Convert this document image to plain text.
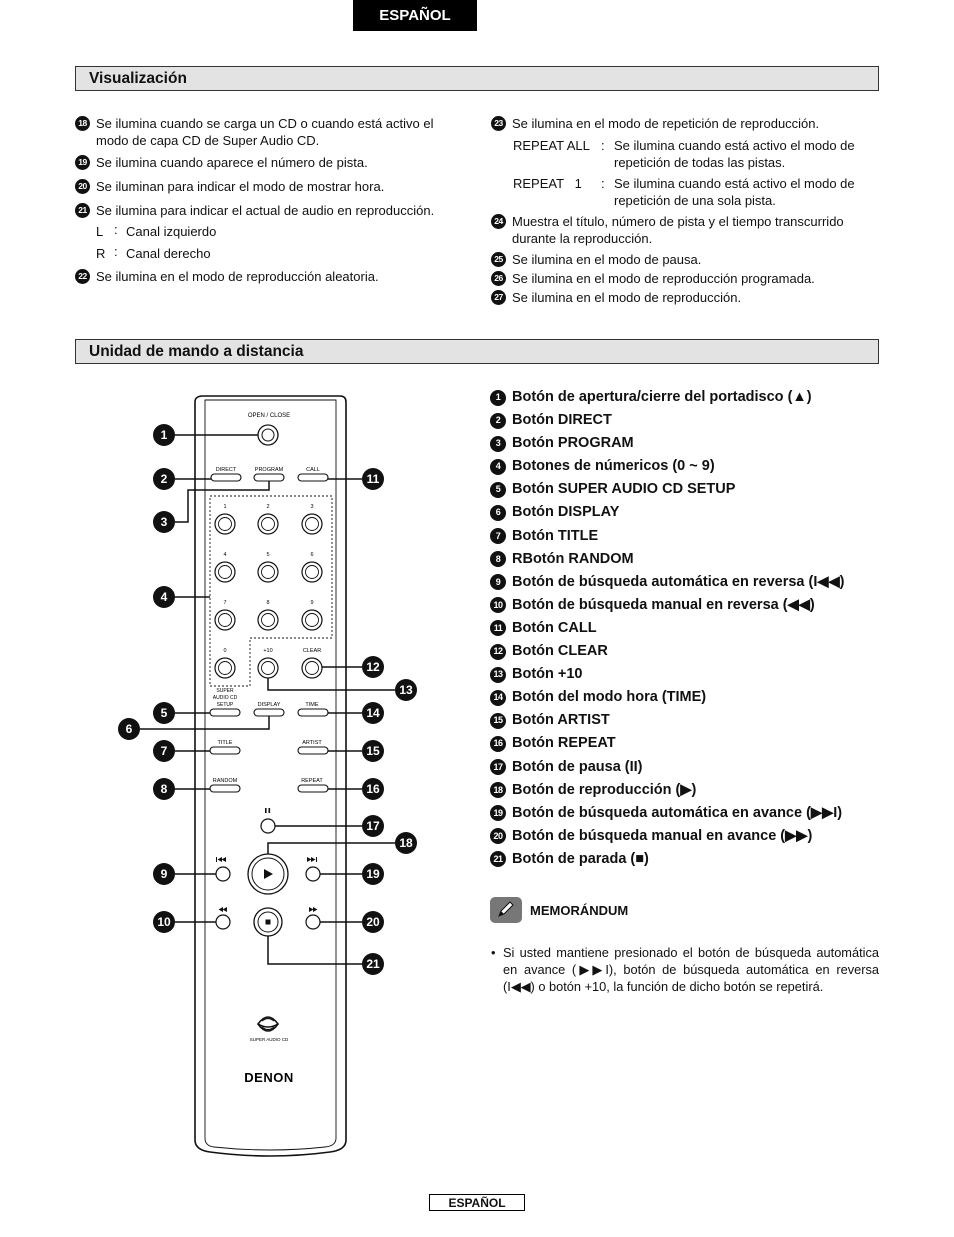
ESPAÑOL
Visualización
18 Se ilumina cuando se carga un CD o cuando está activo el modo de capa CD de Super Audio CD.
19 Se ilumina cuando aparece el número de pista.
20 Se iluminan para indicar el modo de mostrar hora.
21 Se ilumina para indicar el actual de audio en reproducción.
L	Canal izquierdo
R	Canal derecho
22 Se ilumina en el modo de reproducción aleatoria.
:
:
23 Se ilumina en el modo de repetición de reproducción.
REPEAT ALL : Se ilumina cuando está activo el modo de repetición de todas las pistas.
REPEAT   1	: Se ilumina cuando está activo el modo de repetición de una sola pista.
24 Muestra el título, número de pista y el tiempo transcurrido durante la reproducción.
25 Se ilumina en el modo de pausa.
26 Se ilumina en el modo de reproducción programada.
27 Se ilumina en el modo de reproducción.
Unidad de mando a distancia
OPEN / CLOSE
DIRECT	PROGRAM	CALL
1	2	3
4	5	6
7	8	9
0	+10	CLEAR
SUPER
AUDIO CD
SETUP	DISPLAY	TIME
TITLE	ARTIST
RANDOM	REPEAT
SUPER AUDIO CD
DENON
1
2
3
4
5
6
7
8
9
10
11
12
13
14
15
16
17
18
19
20
21
1 Botón de apertura/cierre del portadisco (▲)
2 Botón DIRECT
3 Botón PROGRAM
4 Botones de númericos (0 ~ 9)
5 Botón SUPER AUDIO CD SETUP
6 Botón DISPLAY
7 Botón TITLE
8 RBotón RANDOM
9 Botón de búsqueda automática en reversa (I◀◀)
10 Botón de búsqueda manual en reversa (◀◀)
11 Botón CALL
12 Botón CLEAR
13 Botón +10
14 Botón del modo hora (TIME)
15 Botón ARTIST
16 Botón REPEAT
17 Botón de pausa (II)
18 Botón de reproducción (▶)
19 Botón de búsqueda automática en avance (▶▶I)
20 Botón de búsqueda manual en avance (▶▶)
21 Botón de parada (■)
MEMORÁNDUM
• Si usted mantiene presionado el botón de búsqueda automática en avance (▶▶I), botón de búsqueda automática en reversa (I◀◀) o botón +10, la función de dicho botón se repetirá.
ESPAÑOL
